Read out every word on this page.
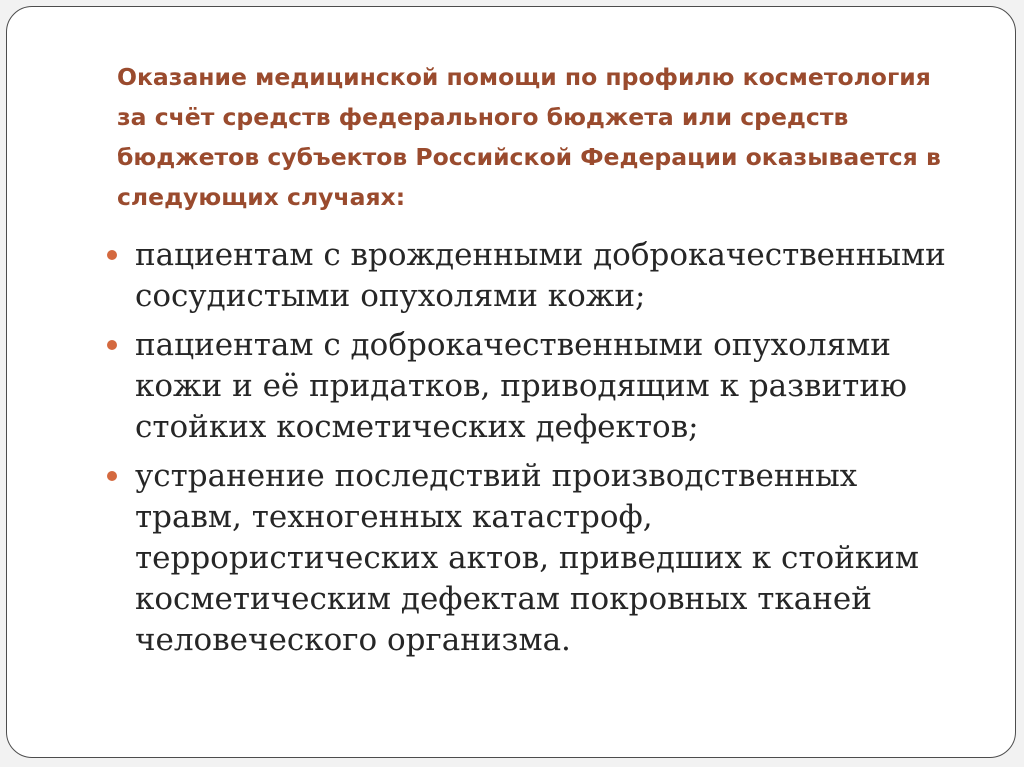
Оказание медицинской помощи по профилю косметология за счёт средств федерального бюджета или средств бюджетов субъектов Российской Федерации оказывается в следующих случаях:
пациентам с врожденными доброкачественными сосудистыми опухолями кожи;
пациентам с доброкачественными опухолями кожи и её придатков, приводящим к развитию стойких косметических дефектов;
устранение последствий производственных травм, техногенных катастроф, террористических актов, приведших к стойким косметическим дефектам покровных тканей человеческого организма.
